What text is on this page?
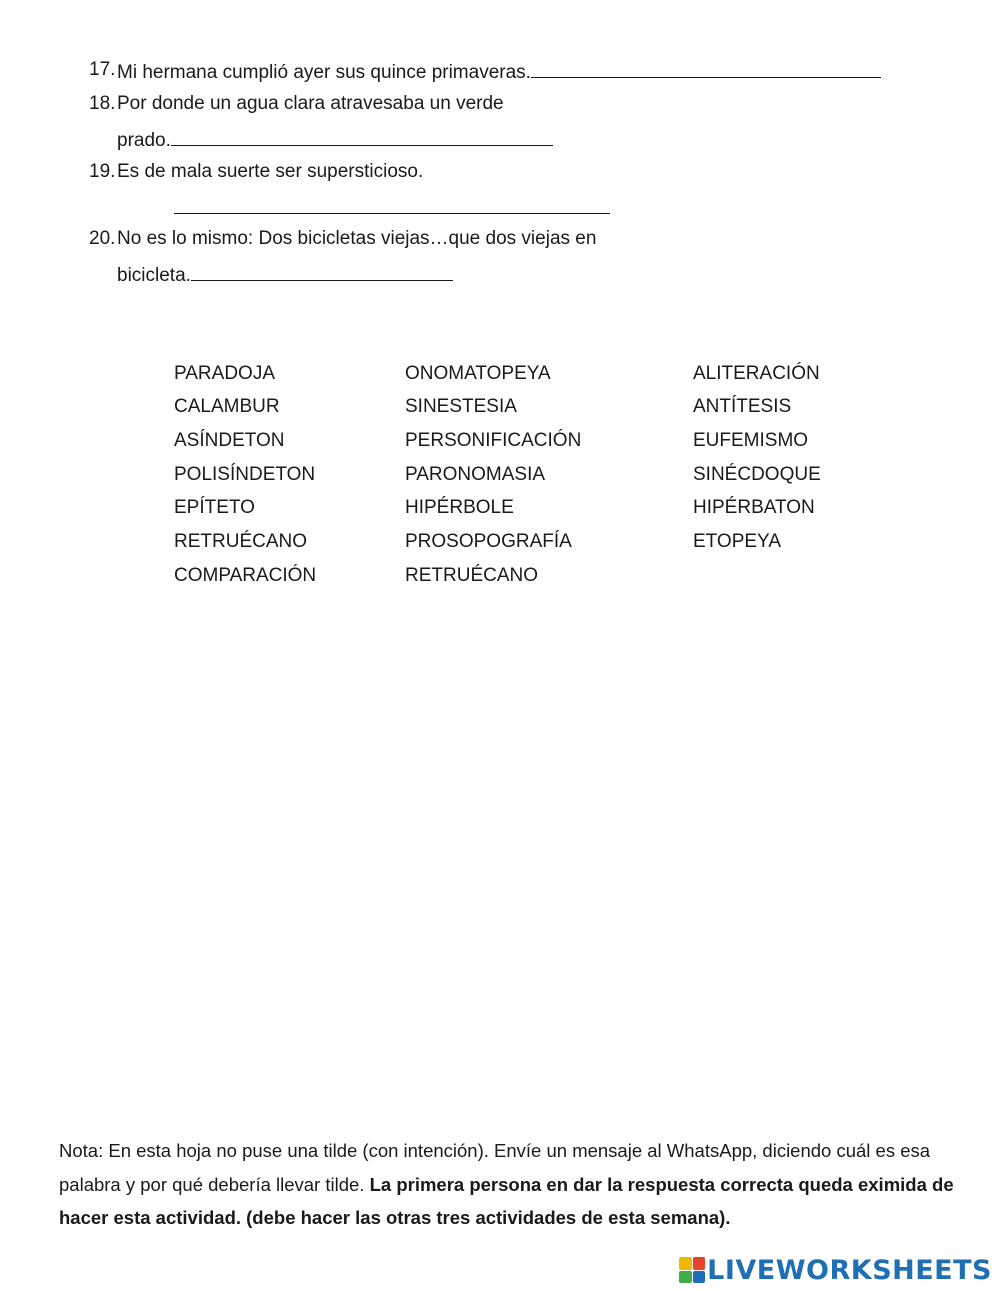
17. Mi hermana cumplió ayer sus quince primaveras.
18. Por donde un agua clara atravesaba un verde
prado.
19. Es de mala suerte ser supersticioso.
20. No es lo mismo: Dos bicicletas viejas…que dos viejas en
bicicleta.
PARADOJA
CALAMBUR
ASÍNDETON
POLISÍNDETON
EPÍTETO
RETRUÉCANO
COMPARACIÓN
ONOMATOPEYA
SINESTESIA
PERSONIFICACIÓN
PARONOMASIA
HIPÉRBOLE
PROSOPOGRAFÍA
RETRUÉCANO
ALITERACIÓN
ANTÍTESIS
EUFEMISMO
SINÉCDOQUE
HIPÉRBATON
ETOPEYA
Nota: En esta hoja no puse una tilde (con intención). Envíe un mensaje al WhatsApp, diciendo cuál es esa palabra y por qué debería llevar tilde. La primera persona en dar la respuesta correcta queda eximida de hacer esta actividad. (debe hacer las otras tres actividades de esta semana).
LIVEWORKSHEETS
